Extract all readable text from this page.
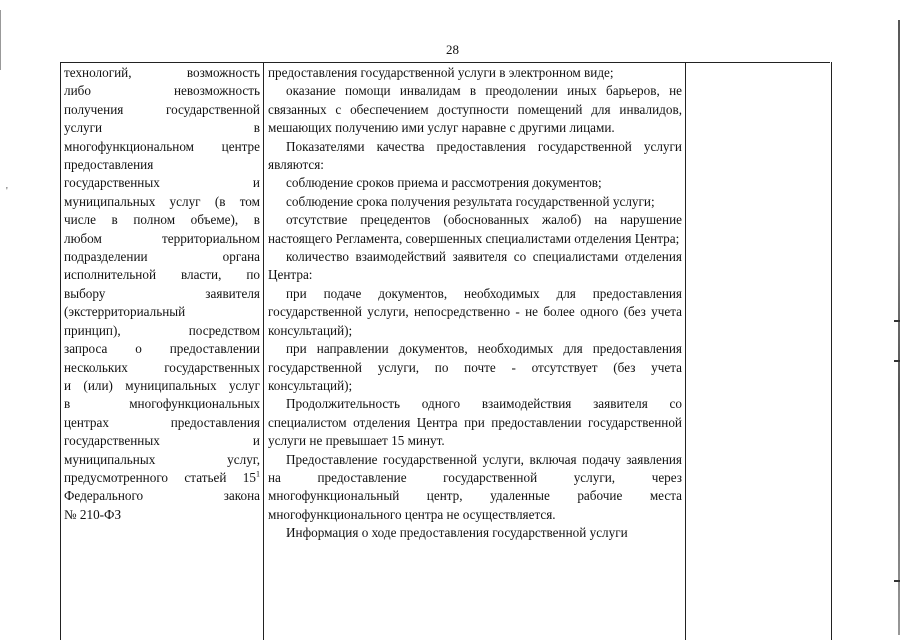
'
28

технологий, возможность

либо невозможность

получения государственной

услуги в

многофункциональном центре

предоставления

государственных и

муниципальных услуг (в том

числе в полном объеме), в

любом территориальном

подразделении органа

исполнительной власти, по

выбору заявителя

(экстерриториальный

принцип), посредством

запроса о предоставлении

нескольких государственных

и (или) муниципальных услуг

в многофункциональных

центрах предоставления

государственных и

муниципальных услуг,

предусмотренного статьей $15^1$

Федерального закона

№ 210-ФЗ

предоставления государственной услуги в электронном виде;

оказание помощи инвалидам в преодолении иных барьеров, не связанных с обеспечением доступности помещений для инвалидов, мешающих получению ими услуг наравне с другими лицами.

Показателями качества предоставления государственной услуги являются:

соблюдение сроков приема и рассмотрения документов;

соблюдение срока получения результата государственной услуги;

отсутствие прецедентов (обоснованных жалоб) на нарушение настоящего Регламента, совершенных специалистами отделения Центра;

количество взаимодействий заявителя со специалистами отделения Центра:

при подаче документов, необходимых для предоставления государственной услуги, непосредственно - не более одного (без учета консультаций);

при направлении документов, необходимых для предоставления государственной услуги, по почте - отсутствует (без учета консультаций);

Продолжительность одного взаимодействия заявителя со специалистом отделения Центра при предоставлении государственной услуги не превышает 15 минут.

Предоставление государственной услуги, включая подачу заявления на предоставление государственной услуги, через многофункциональный центр, удаленные рабочие места многофункционального центра не осуществляется.

Информация о ходе предоставления государственной услуги
